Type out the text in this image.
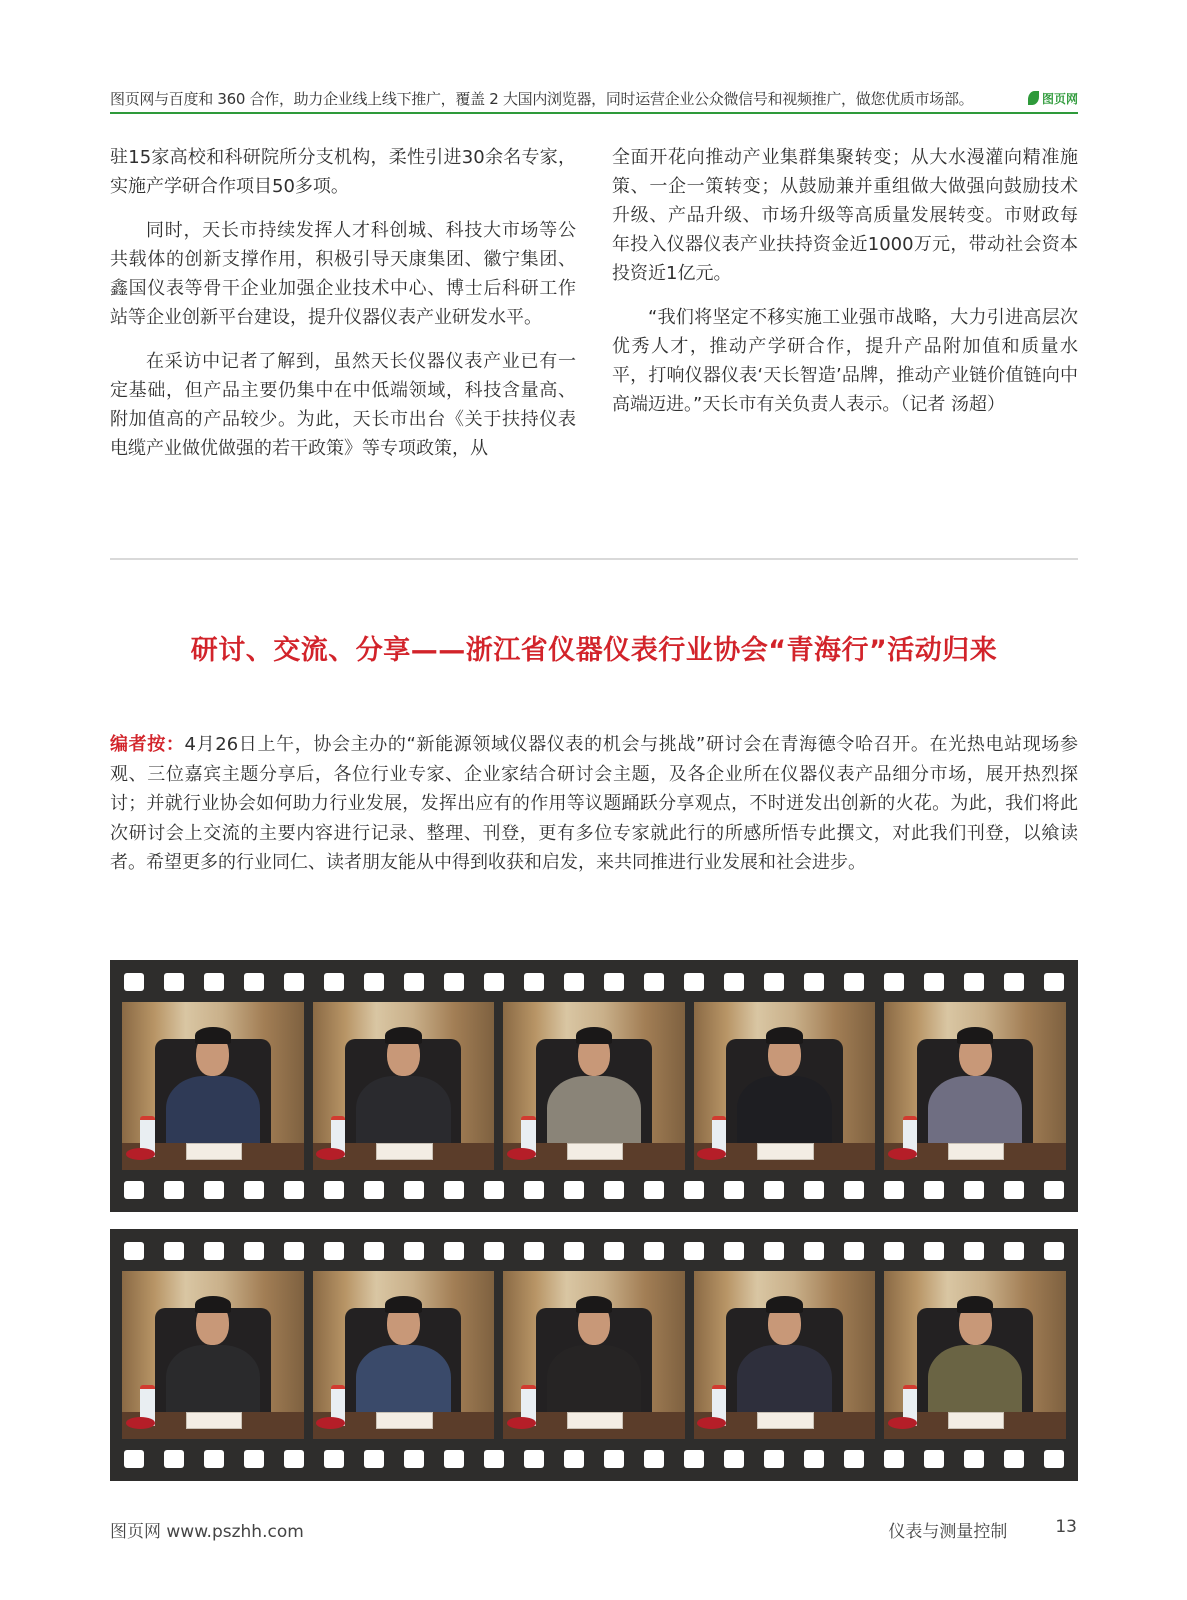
图页网与百度和 360 合作，助力企业线上线下推广，覆盖 2 大国内浏览器，同时运营企业公众微信号和视频推广，做您优质市场部。	图页网

驻15家高校和科研院所分支机构，柔性引进30余名专家，实施产学研合作项目50多项。

同时，天长市持续发挥人才科创城、科技大市场等公共载体的创新支撑作用，积极引导天康集团、徽宁集团、鑫国仪表等骨干企业加强企业技术中心、博士后科研工作站等企业创新平台建设，提升仪器仪表产业研发水平。

在采访中记者了解到，虽然天长仪器仪表产业已有一定基础，但产品主要仍集中在中低端领域，科技含量高、附加值高的产品较少。为此，天长市出台《关于扶持仪表电缆产业做优做强的若干政策》等专项政策，从

全面开花向推动产业集群集聚转变；从大水漫灌向精准施策、一企一策转变；从鼓励兼并重组做大做强向鼓励技术升级、产品升级、市场升级等高质量发展转变。市财政每年投入仪器仪表产业扶持资金近1000万元，带动社会资本投资近1亿元。

“我们将坚定不移实施工业强市战略，大力引进高层次优秀人才，推动产学研合作，提升产品附加值和质量水平，打响仪器仪表‘天长智造’品牌，推动产业链价值链向中高端迈进。”天长市有关负责人表示。（记者 汤超）

研讨、交流、分享——浙江省仪器仪表行业协会“青海行”活动归来

编者按：4月26日上午，协会主办的“新能源领域仪器仪表的机会与挑战”研讨会在青海德令哈召开。在光热电站现场参观、三位嘉宾主题分享后，各位行业专家、企业家结合研讨会主题，及各企业所在仪器仪表产品细分市场，展开热烈探讨；并就行业协会如何助力行业发展，发挥出应有的作用等议题踊跃分享观点，不时迸发出创新的火花。为此，我们将此次研讨会上交流的主要内容进行记录、整理、刊登，更有多位专家就此行的所感所悟专此撰文，对此我们刊登，以飨读者。希望更多的行业同仁、读者朋友能从中得到收获和启发，来共同推进行业发展和社会进步。

图页网 www.pszhh.com	仪表与测量控制	13
